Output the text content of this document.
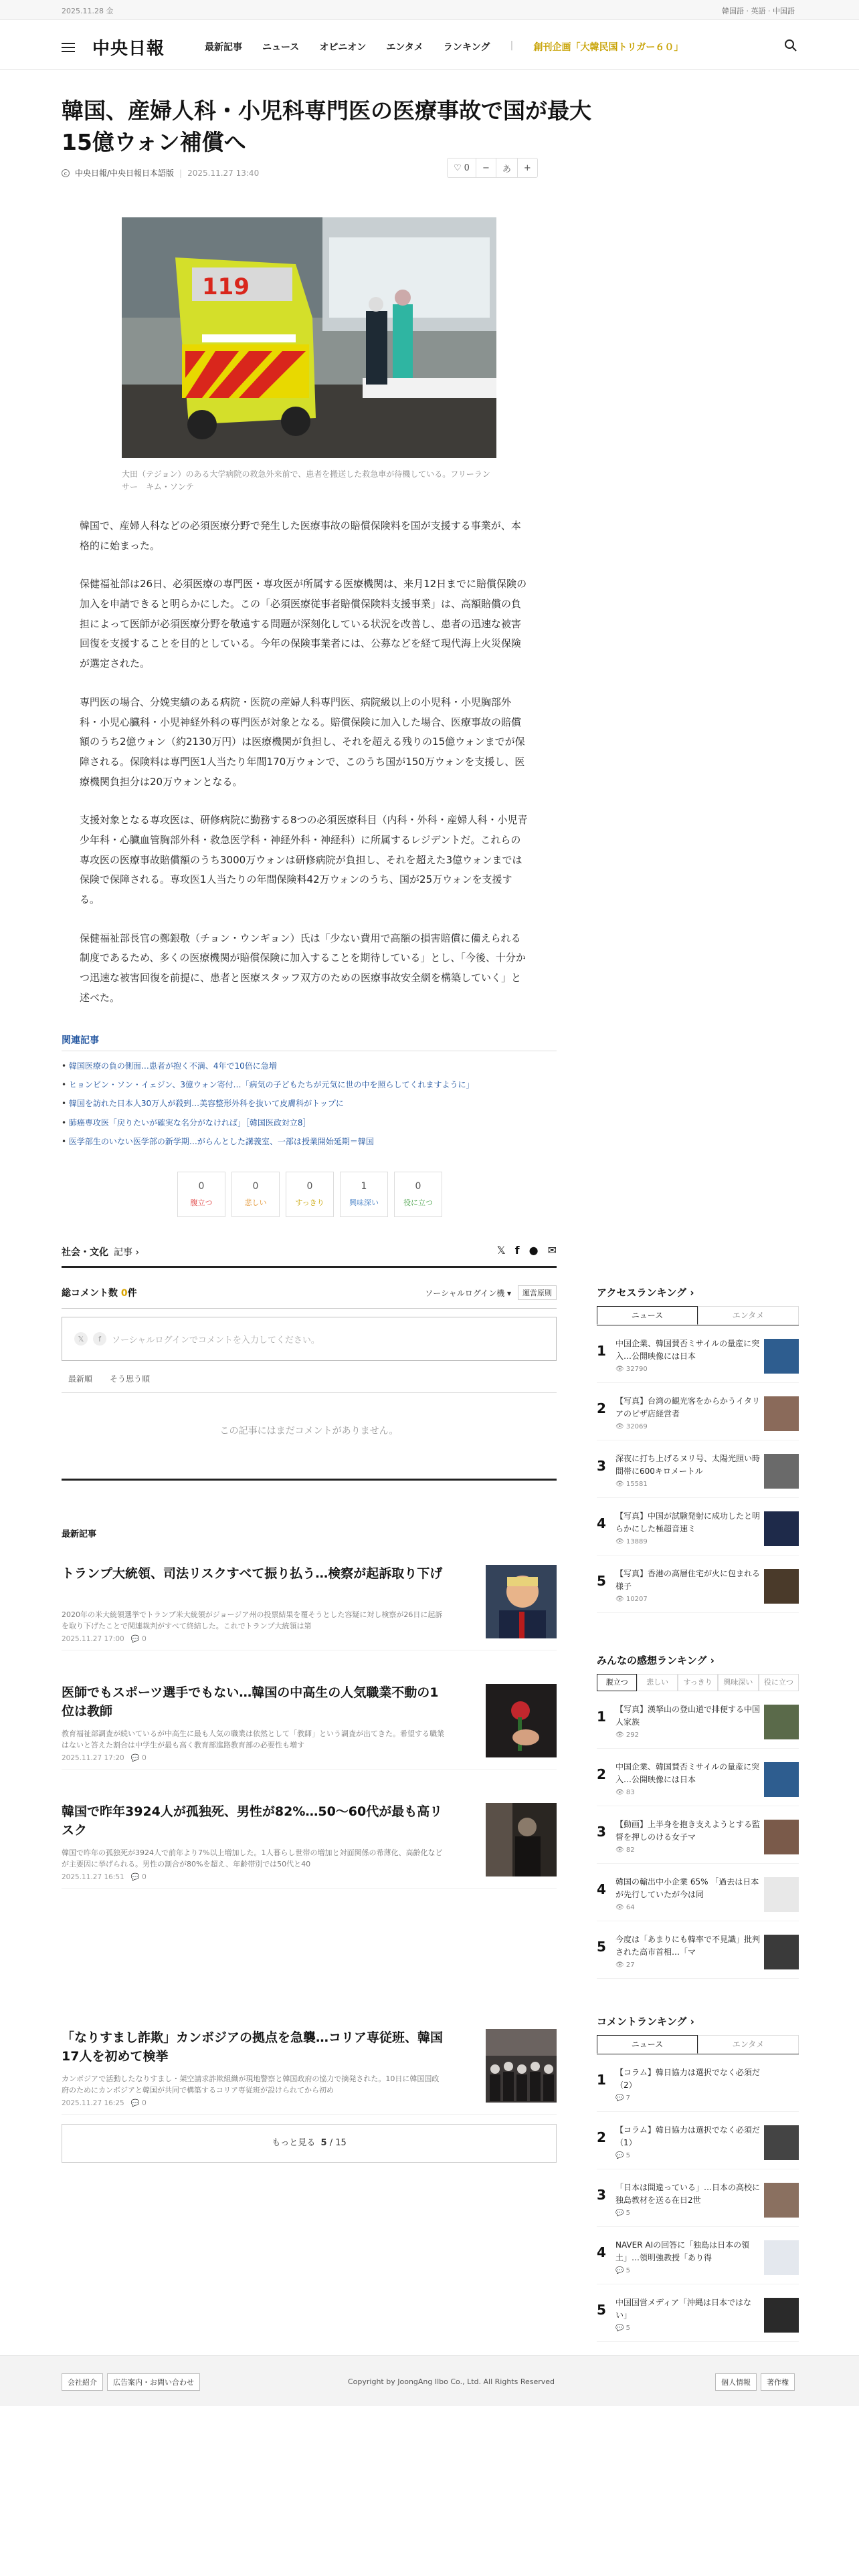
2025.11.28 金	韓国語 · 英語 · 中国語
中央日報	最新記事 ニュース オピニオン エンタメ ランキング | 創刊企画「大韓民国トリガー６０」
韓国、産婦人科・小児科専門医の医療事故で国が最大15億ウォン補償へ
c 中央日報/中央日報日本語版 | 2025.11.27 13:40	♡ 0	−	あ	+
119
大田（テジョン）のある大学病院の救急外来前で、患者を搬送した救急車が待機している。フリーランサー　キム・ソンテ

韓国で、産婦人科などの必須医療分野で発生した医療事故の賠償保険料を国が支援する事業が、本格的に始まった。

保健福祉部は26日、必須医療の専門医・専攻医が所属する医療機関は、来月12日までに賠償保険の加入を申請できると明らかにした。この「必須医療従事者賠償保険料支援事業」は、高額賠償の負担によって医師が必須医療分野を敬遠する問題が深刻化している状況を改善し、患者の迅速な被害回復を支援することを目的としている。今年の保険事業者には、公募などを経て現代海上火災保険が選定された。

専門医の場合、分娩実績のある病院・医院の産婦人科専門医、病院級以上の小児科・小児胸部外科・小児心臓科・小児神経外科の専門医が対象となる。賠償保険に加入した場合、医療事故の賠償額のうち2億ウォン（約2130万円）は医療機関が負担し、それを超える残りの15億ウォンまでが保障される。保険料は専門医1人当たり年間170万ウォンで、このうち国が150万ウォンを支援し、医療機関負担分は20万ウォンとなる。

支援対象となる専攻医は、研修病院に勤務する8つの必須医療科目（内科・外科・産婦人科・小児青少年科・心臓血管胸部外科・救急医学科・神経外科・神経科）に所属するレジデントだ。これらの専攻医の医療事故賠償額のうち3000万ウォンは研修病院が負担し、それを超えた3億ウォンまでは保険で保障される。専攻医1人当たりの年間保険料42万ウォンのうち、国が25万ウォンを支援する。

保健福祉部長官の鄭銀敬（チョン・ウンギョン）氏は「少ない費用で高額の損害賠償に備えられる制度であるため、多くの医療機関が賠償保険に加入することを期待している」とし、「今後、十分かつ迅速な被害回復を前提に、患者と医療スタッフ双方のための医療事故安全網を構築していく」と述べた。

関連記事
• 韓国医療の負の側面…患者が抱く不満、4年で10倍に急増
• ヒョンビン・ソン・イェジン、3億ウォン寄付…「病気の子どもたちが元気に世の中を照らしてくれますように」
• 韓国を訪れた日本人30万人が殺到…美容整形外科を抜いて皮膚科がトップに
• 肺癌専攻医「戻りたいが確実な名分がなければ」［韓国医政対立8］
• 医学部生のいない医学部の新学期…がらんとした講義室、一部は授業開始延期＝韓国
0
腹立つ
0
悲しい
0
すっきり
1
興味深い
0
役に立つ
社会・文化 記事 ›	𝕏 f ● ✉
総コメント数 0件	ソーシャルログイン機 ▾	運営原則
𝕏	f	ソーシャルログインでコメントを入力してください。
最新順 そう思う順
この記事にはまだコメントがありません。
最新記事
トランプ大統領、司法リスクすべて振り払う…検察が起訴取り下げ
2020年の米大統領選挙でトランプ米大統領がジョージア州の投票結果を覆そうとした容疑に対し検察が26日に起訴を取り下げたことで関連裁判がすべて終結した。これでトランプ大統領は第
2025.11.27 17:00 💬 0
医師でもスポーツ選手でもない…韓国の中高生の人気職業不動の1位は教師
教育福祉部調査が続いているが中高生に最も人気の職業は依然として「教師」という調査が出てきた。希望する職業はないと答えた割合は中学生が最も高く教育部進路教育部の必要性も増す
2025.11.27 17:20 💬 0
韓国で昨年3924人が孤独死、男性が82%…50～60代が最も高リスク
韓国で昨年の孤独死が3924人で前年より7%以上増加した。1人暮らし世帯の増加と対面関係の希薄化、高齢化などが主要因に挙げられる。男性の割合が80%を超え、年齢帯別では50代と40
2025.11.27 16:51 💬 0
「なりすまし詐欺」カンボジアの拠点を急襲…コリア専従班、韓国17人を初めて検挙
カンボジアで活動したなりすまし・架空請求詐欺組織が現地警察と韓国政府の協力で摘発された。10日に韓国国政府のためにカンボジアと韓国が共同で構築するコリア専従班が設けられてから初め
2025.11.27 16:25 💬 0
もっと見る 5 / 15
アクセスランキング ›
ニュース	エンタメ
1 中国企業、韓国賛否ミサイルの量産に突入…公開映像には日本
👁 32790
2 【写真】台湾の観光客をからかうイタリアのピザ店経営者
👁 32069
3 深夜に打ち上げるヌリ号、太陽光照い時間帯に600キロメートル
👁 15581
4 【写真】中国が試験発射に成功したと明らかにした極超音速ミ
👁 13889
5 【写真】香港の高層住宅が火に包まれる様子
👁 10207
みんなの感想ランキング ›
腹立つ	悲しい	すっきり	興味深い	役に立つ
1 【写真】漢拏山の登山道で排便する中国人家族
👁 292
2 中国企業、韓国賛否ミサイルの量産に突入…公開映像には日本
👁 83
3 【動画】上半身を抱き支えようとする監督を押しのける女子マ
👁 82
4 韓国の輸出中小企業 65% 「過去は日本が先行していたが今は同
👁 64
5 今度は「あまりにも韓率で不見識」批判された高市首相…「マ
👁 27
コメントランキング ›
ニュース	エンタメ
1 【コラム】韓日協力は選択でなく必須だ（2）
💬 7
2 【コラム】韓日協力は選択でなく必須だ（1）
💬 5
3 「日本は間違っている」…日本の高校に独島教材を送る在日2世
💬 5
4 NAVER AIの回答に「独島は日本の領土」…領明強教授「あり得
💬 5
5 中国国営メディア「沖縄は日本ではない」
💬 5
会社紹介	広告案内・お問い合わせ	Copyright by JoongAng Ilbo Co., Ltd. All Rights Reserved	個人情報	著作権
